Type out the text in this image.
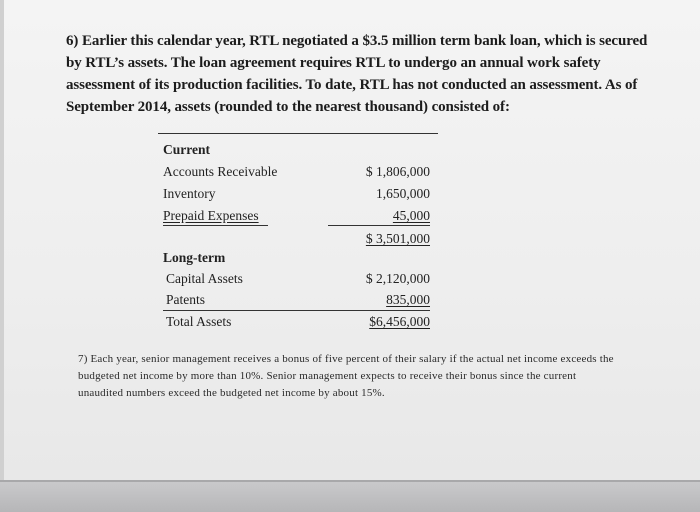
6) Earlier this calendar year, RTL negotiated a $3.5 million term bank loan, which is secured by RTL’s assets. The loan agreement requires RTL to undergo an annual work safety assessment of its production facilities. To date, RTL has not conducted an assessment. As of September 2014, assets (rounded to the nearest thousand) consisted of:
Current
Accounts Receivable	$ 1,806,000
Inventory	1,650,000
Prepaid Expenses	45,000
$ 3,501,000
Long-term
Capital Assets	$ 2,120,000
Patents	835,000
Total Assets	$6,456,000
7) Each year, senior management receives a bonus of five percent of their salary if the actual net income exceeds the budgeted net income by more than 10%. Senior management expects to receive their bonus since the current unaudited numbers exceed the budgeted net income by about 15%.
